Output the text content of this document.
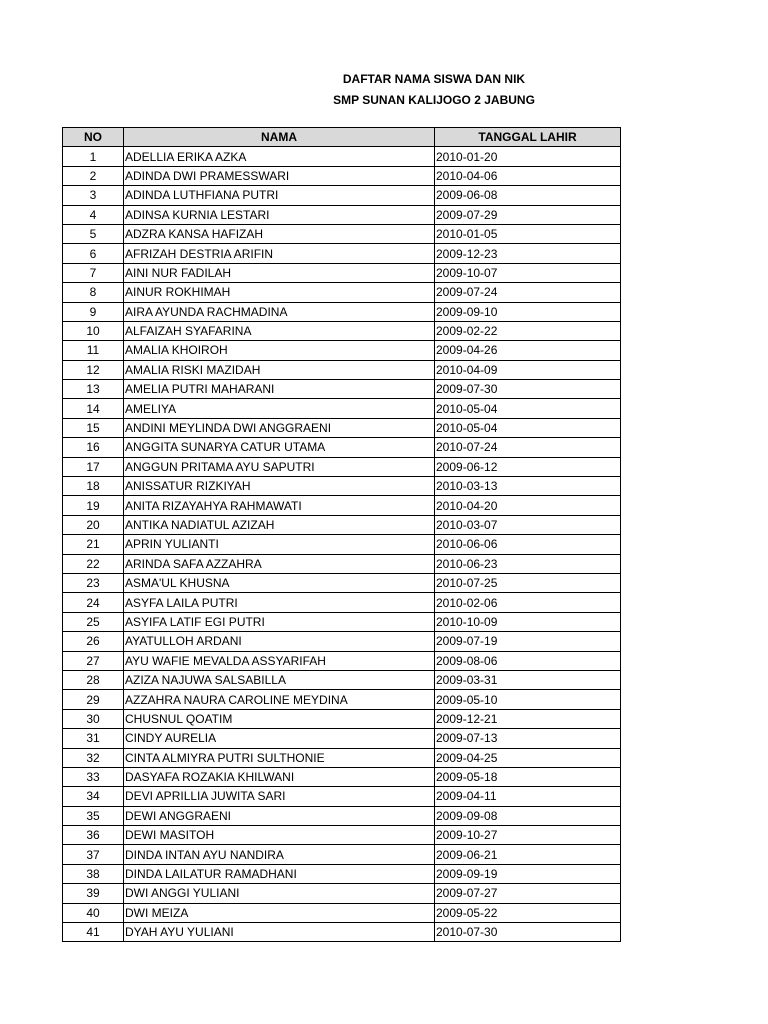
DAFTAR NAMA SISWA DAN NIK
SMP SUNAN KALIJOGO 2 JABUNG
NO	NAMA	TANGGAL LAHIR
1	ADELLIA ERIKA AZKA	2010-01-20
2	ADINDA DWI PRAMESSWARI	2010-04-06
3	ADINDA LUTHFIANA PUTRI	2009-06-08
4	ADINSA KURNIA LESTARI	2009-07-29
5	ADZRA KANSA HAFIZAH	2010-01-05
6	AFRIZAH DESTRIA ARIFIN	2009-12-23
7	AINI NUR FADILAH	2009-10-07
8	AINUR ROKHIMAH	2009-07-24
9	AIRA AYUNDA RACHMADINA	2009-09-10
10	ALFAIZAH SYAFARINA	2009-02-22
11	AMALIA KHOIROH	2009-04-26
12	AMALIA RISKI MAZIDAH	2010-04-09
13	AMELIA PUTRI MAHARANI	2009-07-30
14	AMELIYA	2010-05-04
15	ANDINI MEYLINDA DWI ANGGRAENI	2010-05-04
16	ANGGITA SUNARYA CATUR UTAMA	2010-07-24
17	ANGGUN PRITAMA AYU SAPUTRI	2009-06-12
18	ANISSATUR RIZKIYAH	2010-03-13
19	ANITA RIZAYAHYA RAHMAWATI	2010-04-20
20	ANTIKA NADIATUL AZIZAH	2010-03-07
21	APRIN YULIANTI	2010-06-06
22	ARINDA SAFA AZZAHRA	2010-06-23
23	ASMA'UL KHUSNA	2010-07-25
24	ASYFA LAILA PUTRI	2010-02-06
25	ASYIFA LATIF EGI PUTRI	2010-10-09
26	AYATULLOH ARDANI	2009-07-19
27	AYU WAFIE MEVALDA ASSYARIFAH	2009-08-06
28	AZIZA NAJUWA SALSABILLA	2009-03-31
29	AZZAHRA NAURA CAROLINE MEYDINA	2009-05-10
30	CHUSNUL QOATIM	2009-12-21
31	CINDY AURELIA	2009-07-13
32	CINTA ALMIYRA PUTRI SULTHONIE	2009-04-25
33	DASYAFA ROZAKIA KHILWANI	2009-05-18
34	DEVI APRILLIA JUWITA SARI	2009-04-11
35	DEWI ANGGRAENI	2009-09-08
36	DEWI MASITOH	2009-10-27
37	DINDA INTAN AYU NANDIRA	2009-06-21
38	DINDA LAILATUR RAMADHANI	2009-09-19
39	DWI ANGGI YULIANI	2009-07-27
40	DWI MEIZA	2009-05-22
41	DYAH AYU YULIANI	2010-07-30
